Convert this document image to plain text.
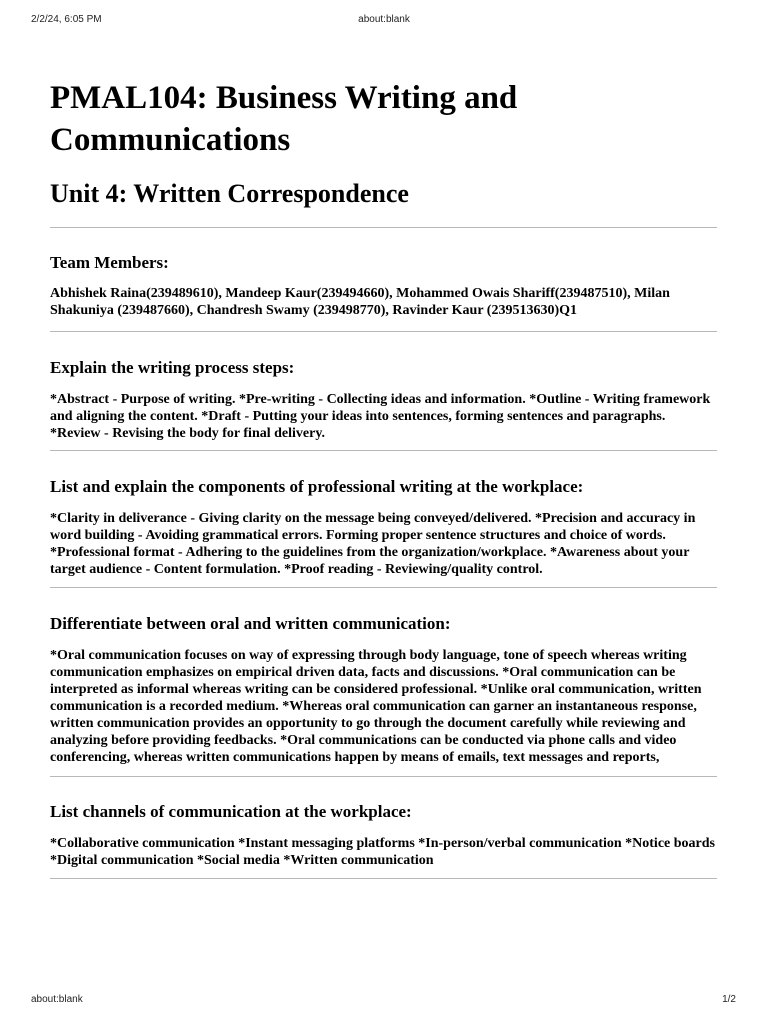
2/2/24, 6:05 PM	about:blank
PMAL104: Business Writing and Communications
Unit 4: Written Correspondence

Team Members:

Abhishek Raina(239489610), Mandeep Kaur(239494660), Mohammed Owais Shariff(239487510), Milan Shakuniya (239487660), Chandresh Swamy (239498770), Ravinder Kaur (239513630)Q1

Explain the writing process steps:

*Abstract - Purpose of writing. *Pre-writing - Collecting ideas and information. *Outline - Writing framework and aligning the content. *Draft - Putting your ideas into sentences, forming sentences and paragraphs. *Review - Revising the body for final delivery.

List and explain the components of professional writing at the workplace:

*Clarity in deliverance - Giving clarity on the message being conveyed/delivered. *Precision and accuracy in word building - Avoiding grammatical errors. Forming proper sentence structures and choice of words. *Professional format - Adhering to the guidelines from the organization/workplace. *Awareness about your target audience - Content formulation. *Proof reading - Reviewing/quality control.

Differentiate between oral and written communication:

*Oral communication focuses on way of expressing through body language, tone of speech whereas writing communication emphasizes on empirical driven data, facts and discussions. *Oral communication can be interpreted as informal whereas writing can be considered professional. *Unlike oral communication, written communication is a recorded medium. *Whereas oral communication can garner an instantaneous response, written communication provides an opportunity to go through the document carefully while reviewing and analyzing before providing feedbacks. *Oral communications can be conducted via phone calls and video conferencing, whereas written communications happen by means of emails, text messages and reports,

List channels of communication at the workplace:

*Collaborative communication *Instant messaging platforms *In-person/verbal communication *Notice boards *Digital communication *Social media *Written communication

about:blank	1/2
